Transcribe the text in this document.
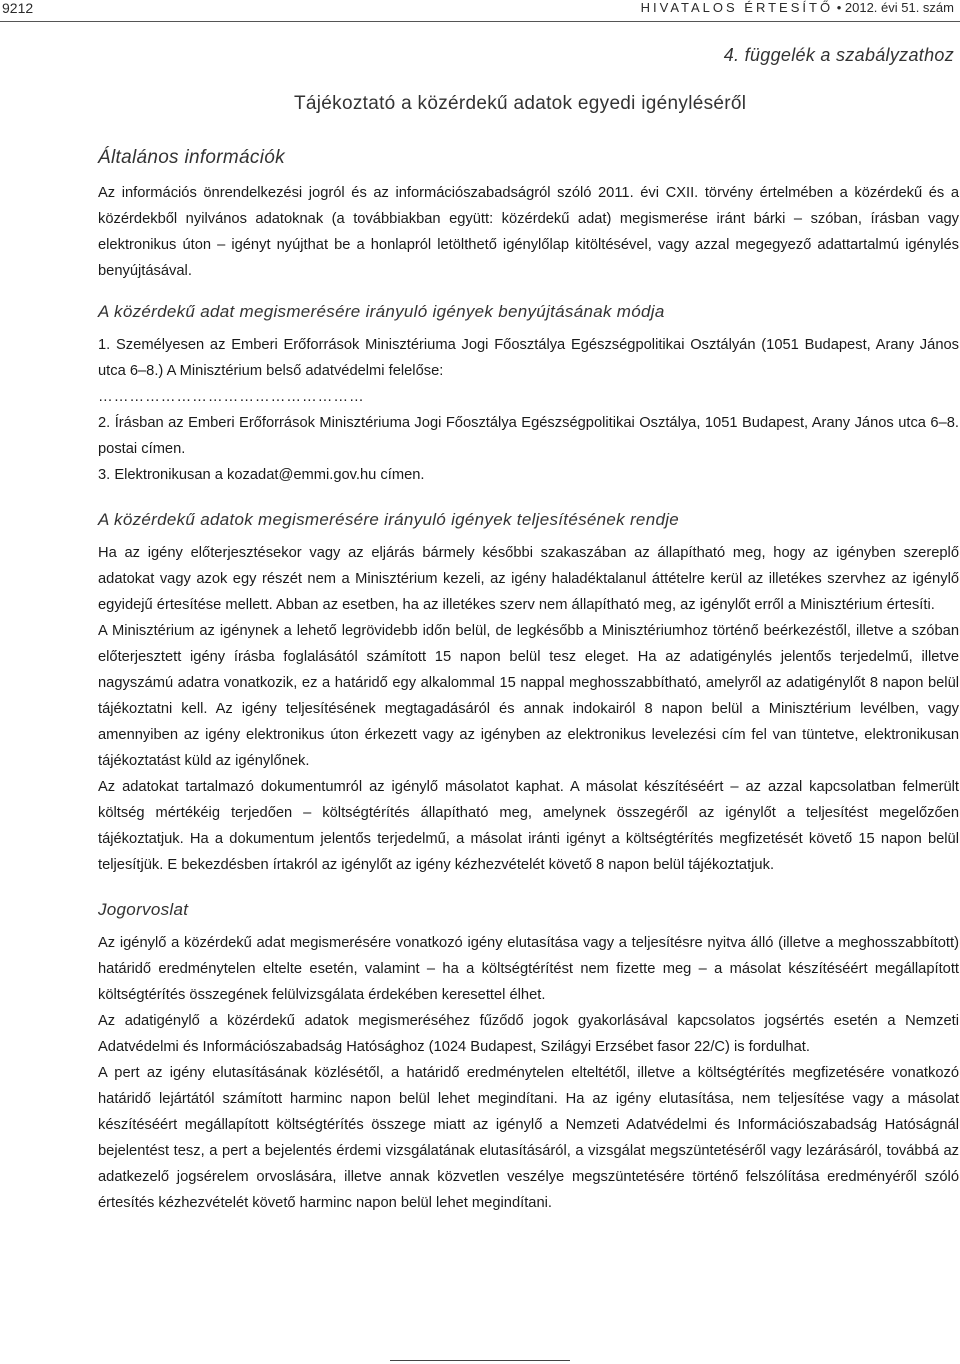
9212	HIVATALOS ÉRTESÍTŐ • 2012. évi 51. szám
4. függelék a szabályzathoz
Tájékoztató a közérdekű adatok egyedi igényléséről
Általános információk

Az információs önrendelkezési jogról és az információszabadságról szóló 2011. évi CXII. törvény értelmében a közérdekű és a közérdekből nyilvános adatoknak (a továbbiakban együtt: közérdekű adat) megismerése iránt bárki – szóban, írásban vagy elektronikus úton – igényt nyújthat be a honlapról letölthető igénylőlap kitöltésével, vagy azzal megegyező adattartalmú igénylés benyújtásával.

A közérdekű adat megismerésére irányuló igények benyújtásának módja

1. Személyesen az Emberi Erőforrások Minisztériuma Jogi Főosztálya Egészségpolitikai Osztályán (1051 Budapest, Arany János utca 6–8.) A Minisztérium belső adatvédelmi felelőse:

……………………………………………

2. Írásban az Emberi Erőforrások Minisztériuma Jogi Főosztálya Egészségpolitikai Osztálya, 1051 Budapest, Arany János utca 6–8. postai címen.

3. Elektronikusan a kozadat@emmi.gov.hu címen.

A közérdekű adatok megismerésére irányuló igények teljesítésének rendje

Ha az igény előterjesztésekor vagy az eljárás bármely későbbi szakaszában az állapítható meg, hogy az igényben szereplő adatokat vagy azok egy részét nem a Minisztérium kezeli, az igény haladéktalanul áttételre kerül az illetékes szervhez az igénylő egyidejű értesítése mellett. Abban az esetben, ha az illetékes szerv nem állapítható meg, az igénylőt erről a Minisztérium értesíti.

A Minisztérium az igénynek a lehető legrövidebb időn belül, de legkésőbb a Minisztériumhoz történő beérkezéstől, illetve a szóban előterjesztett igény írásba foglalásától számított 15 napon belül tesz eleget. Ha az adatigénylés jelentős terjedelmű, illetve nagyszámú adatra vonatkozik, ez a határidő egy alkalommal 15 nappal meghosszabbítható, amelyről az adatigénylőt 8 napon belül tájékoztatni kell. Az igény teljesítésének megtagadásáról és annak indokairól 8 napon belül a Minisztérium levélben, vagy amennyiben az igény elektronikus úton érkezett vagy az igényben az elektronikus levelezési cím fel van tüntetve, elektronikusan tájékoztatást küld az igénylőnek.

Az adatokat tartalmazó dokumentumról az igénylő másolatot kaphat. A másolat készítéséért – az azzal kapcsolatban felmerült költség mértékéig terjedően – költségtérítés állapítható meg, amelynek összegéről az igénylőt a teljesítést megelőzően tájékoztatjuk. Ha a dokumentum jelentős terjedelmű, a másolat iránti igényt a költségtérítés megfizetését követő 15 napon belül teljesítjük. E bekezdésben írtakról az igénylőt az igény kézhezvételét követő 8 napon belül tájékoztatjuk.

Jogorvoslat

Az igénylő a közérdekű adat megismerésére vonatkozó igény elutasítása vagy a teljesítésre nyitva álló (illetve a meghosszabbított) határidő eredménytelen eltelte esetén, valamint – ha a költségtérítést nem fizette meg – a másolat készítéséért megállapított költségtérítés összegének felülvizsgálata érdekében keresettel élhet.

Az adatigénylő a közérdekű adatok megismeréséhez fűződő jogok gyakorlásával kapcsolatos jogsértés esetén a Nemzeti Adatvédelmi és Információszabadság Hatósághoz (1024 Budapest, Szilágyi Erzsébet fasor 22/C) is fordulhat.

A pert az igény elutasításának közlésétől, a határidő eredménytelen elteltétől, illetve a költségtérítés megfizetésére vonatkozó határidő lejártától számított harminc napon belül lehet megindítani. Ha az igény elutasítása, nem teljesítése vagy a másolat készítéséért megállapított költségtérítés összege miatt az igénylő a Nemzeti Adatvédelmi és Információszabadság Hatóságnál bejelentést tesz, a pert a bejelentés érdemi vizsgálatának elutasításáról, a vizsgálat megszüntetéséről vagy lezárásáról, továbbá az adatkezelő jogsérelem orvoslására, illetve annak közvetlen veszélye megszüntetésére történő felszólítása eredményéről szóló értesítés kézhezvételét követő harminc napon belül lehet megindítani.
